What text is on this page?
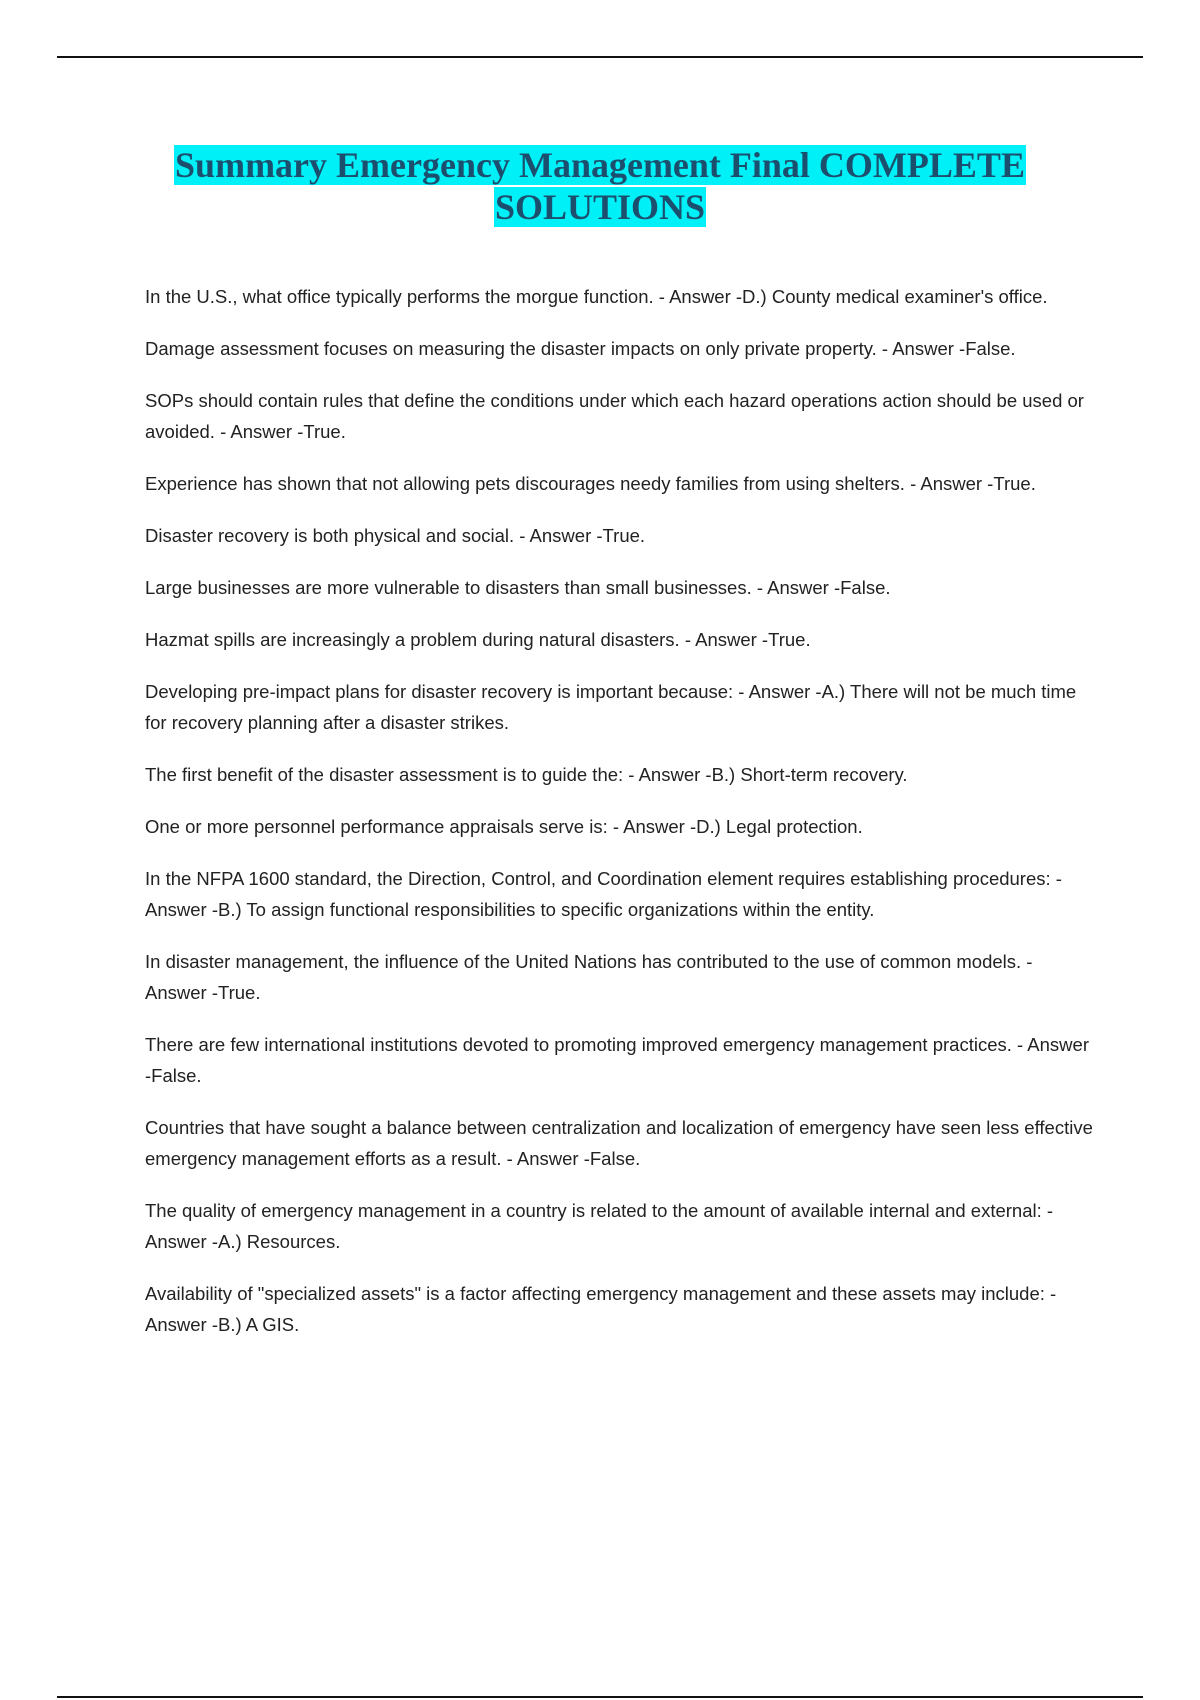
Summary Emergency Management Final COMPLETE
SOLUTIONS
In the U.S., what office typically performs the morgue function. - Answer -D.) County medical examiner's office.
Damage assessment focuses on measuring the disaster impacts on only private property. - Answer -False.
SOPs should contain rules that define the conditions under which each hazard operations action should be used or avoided. - Answer -True.
Experience has shown that not allowing pets discourages needy families from using shelters. - Answer -True.
Disaster recovery is both physical and social. - Answer -True.
Large businesses are more vulnerable to disasters than small businesses. - Answer -False.
Hazmat spills are increasingly a problem during natural disasters. - Answer -True.
Developing pre-impact plans for disaster recovery is important because: - Answer -A.) There will not be much time for recovery planning after a disaster strikes.
The first benefit of the disaster assessment is to guide the: - Answer -B.) Short-term recovery.
One or more personnel performance appraisals serve is: - Answer -D.) Legal protection.
In the NFPA 1600 standard, the Direction, Control, and Coordination element requires establishing procedures: - Answer -B.) To assign functional responsibilities to specific organizations within the entity.
In disaster management, the influence of the United Nations has contributed to the use of common models. - Answer -True.
There are few international institutions devoted to promoting improved emergency management practices. - Answer -False.
Countries that have sought a balance between centralization and localization of emergency have seen less effective emergency management efforts as a result. - Answer -False.
The quality of emergency management in a country is related to the amount of available internal and external: - Answer -A.) Resources.
Availability of "specialized assets" is a factor affecting emergency management and these assets may include: - Answer -B.) A GIS.
